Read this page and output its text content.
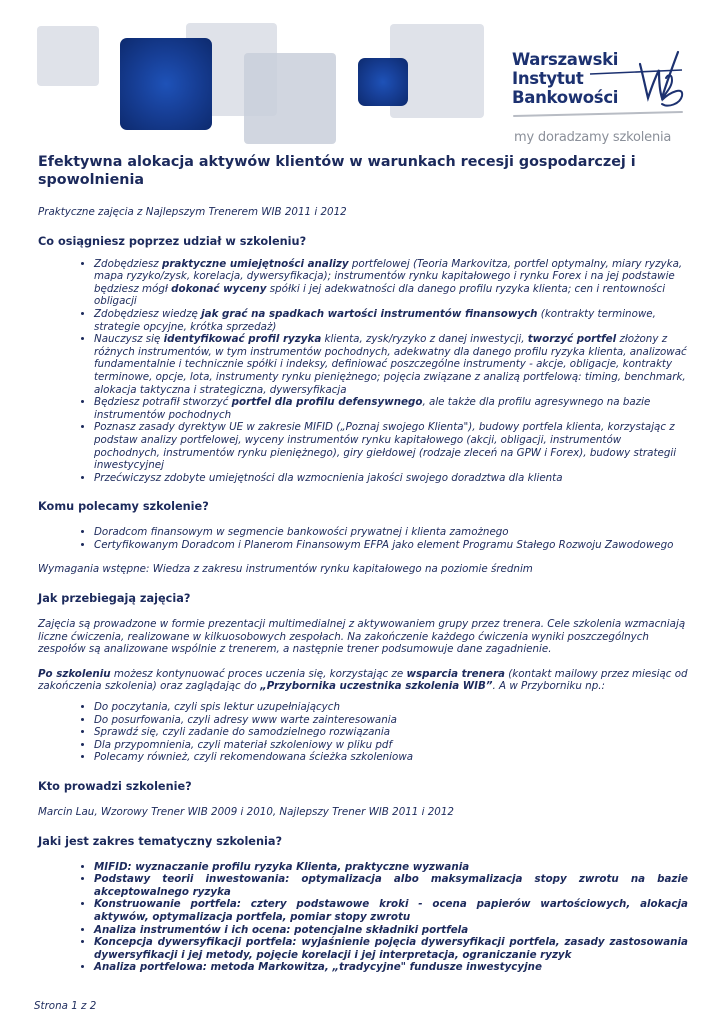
Warszawski
Instytut
Bankowości
my doradzamy szkolenia
Efektywna alokacja aktywów klientów w warunkach recesji gospodarczej i spowolnienia

Praktyczne zajęcia z Najlepszym Trenerem WIB 2011 i 2012

Co osiągniesz poprzez udział w szkoleniu?
• Zdobędziesz praktyczne umiejętności analizy portfelowej (Teoria Markovitza, portfel optymalny, miary ryzyka, mapa ryzyko/zysk, korelacja, dywersyfikacja); instrumentów rynku kapitałowego i rynku Forex i na jej podstawie będziesz mógł dokonać wyceny spółki i jej adekwatności dla danego profilu ryzyka klienta; cen i rentowności obligacji
• Zdobędziesz wiedzę jak grać na spadkach wartości instrumentów finansowych (kontrakty terminowe, strategie opcyjne, krótka sprzedaż)
• Nauczysz się identyfikować profil ryzyka klienta, zysk/ryzyko z danej inwestycji, tworzyć portfel złożony z różnych instrumentów, w tym instrumentów pochodnych, adekwatny dla danego profilu ryzyka klienta, analizować fundamentalnie i technicznie spółki i indeksy, definiować poszczególne instrumenty - akcje, obligacje, kontrakty terminowe, opcje, lota, instrumenty rynku pieniężnego; pojęcia związane z analizą portfelową: timing, benchmark, alokacja taktyczna i strategiczna, dywersyfikacja
• Będziesz potrafił stworzyć portfel dla profilu defensywnego, ale także dla profilu agresywnego na bazie instrumentów pochodnych
• Poznasz zasady dyrektyw UE w zakresie MIFID („Poznaj swojego Klienta"), budowy portfela klienta, korzystając z podstaw analizy portfelowej, wyceny instrumentów rynku kapitałowego (akcji, obligacji, instrumentów pochodnych, instrumentów rynku pieniężnego), giry giełdowej (rodzaje zleceń na GPW i Forex), budowy strategii inwestycyjnej
• Przećwiczysz zdobyte umiejętności dla wzmocnienia jakości swojego doradztwa dla klienta
Komu polecamy szkolenie?
• Doradcom finansowym w segmencie bankowości prywatnej i klienta zamożnego
• Certyfikowanym Doradcom i Planerom Finansowym EFPA jako element Programu Stałego Rozwoju Zawodowego

Wymagania wstępne: Wiedza z zakresu instrumentów rynku kapitałowego na poziomie średnim

Jak przebiegają zajęcia?

Zajęcia są prowadzone w formie prezentacji multimedialnej z aktywowaniem grupy przez trenera. Cele szkolenia wzmacniają liczne ćwiczenia, realizowane w kilkuosobowych zespołach. Na zakończenie każdego ćwiczenia wyniki poszczególnych zespołów są analizowane wspólnie z trenerem, a następnie trener podsumowuje dane zagadnienie.

Po szkoleniu możesz kontynuować proces uczenia się, korzystając ze wsparcia trenera (kontakt mailowy przez miesiąc od zakończenia szkolenia) oraz zaglądając do „Przybornika uczestnika szkolenia WIB”. A w Przyborniku np.:

• Do poczytania, czyli spis lektur uzupełniających
• Do posurfowania, czyli adresy www warte zainteresowania
• Sprawdź się, czyli zadanie do samodzielnego rozwiązania
• Dla przypomnienia, czyli materiał szkoleniowy w pliku pdf
• Polecamy również, czyli rekomendowana ścieżka szkoleniowa
Kto prowadzi szkolenie?

Marcin Lau, Wzorowy Trener WIB 2009 i 2010, Najlepszy Trener WIB 2011 i 2012

Jaki jest zakres tematyczny szkolenia?
• MIFID: wyznaczanie profilu ryzyka Klienta, praktyczne wyzwania
• Podstawy teorii inwestowania: optymalizacja albo maksymalizacja stopy zwrotu na bazie akceptowalnego ryzyka
• Konstruowanie portfela: cztery podstawowe kroki - ocena papierów wartościowych, alokacja aktywów, optymalizacja portfela, pomiar stopy zwrotu
• Analiza instrumentów i ich ocena: potencjalne składniki portfela
• Koncepcja dywersyfikacji portfela: wyjaśnienie pojęcia dywersyfikacji portfela, zasady zastosowania dywersyfikacji i jej metody, pojęcie korelacji i jej interpretacja, ograniczanie ryzyk
• Analiza portfelowa: metoda Markowitza, „tradycyjne" fundusze inwestycyjne
Strona 1 z 2
